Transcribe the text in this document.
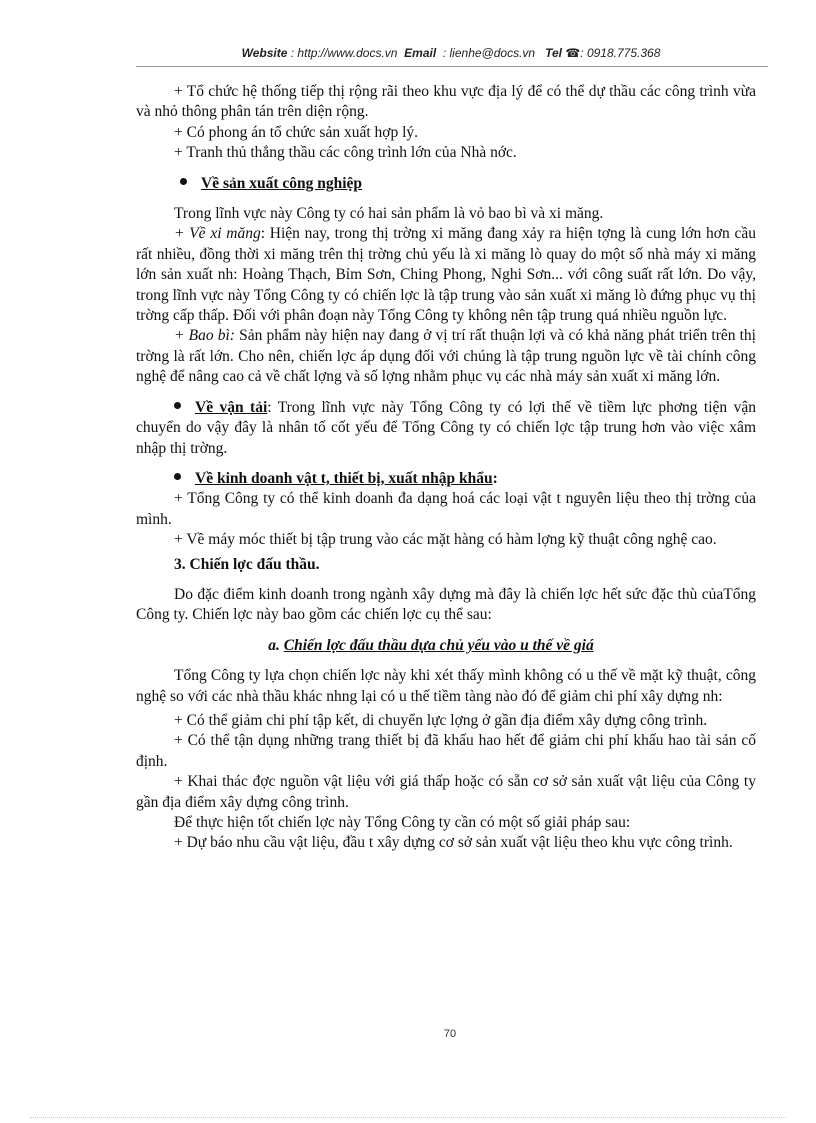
Website : http://www.docs.vn Email : lienhe@docs.vn Tel ☎: 0918.775.368

+ Tổ chức hệ thống tiếp thị rộng rãi theo khu vực địa lý để có thể dự thầu các công trình vừa và nhỏ thông phân tán trên diện rộng.

+ Có phong án tổ chức sản xuất hợp lý.

+ Tranh thủ thắng thầu các công trình lớn của Nhà nớc.

Về sản xuất công nghiệp

Trong lĩnh vực này Công ty có hai sản phẩm là vỏ bao bì và xi măng.

+ Về xi măng: Hiện nay, trong thị trờng xi măng đang xảy ra hiện tợng là cung lớn hơn cầu rất nhiều, đồng thời xi măng trên thị trờng chủ yếu là xi măng lò quay do một số nhà máy xi măng lớn sản xuất nh: Hoàng Thạch, Bỉm Sơn, Ching Phong, Nghi Sơn... với công suất rất lớn. Do vậy, trong lĩnh vực này Tổng Công ty có chiến lợc là tập trung vào sản xuất xi măng lò đứng phục vụ thị trờng cấp thấp. Đối với phân đoạn này Tổng Công ty không nên tập trung quá nhiều nguồn lực.

+ Bao bì: Sản phẩm này hiện nay đang ở vị trí rất thuận lợi và có khả năng phát triển trên thị trờng là rất lớn. Cho nên, chiến lợc áp dụng đối với chúng là tập trung nguồn lực về tài chính công nghệ để nâng cao cả về chất lợng và số lợng nhằm phục vụ các nhà máy sản xuất xi măng lớn.

Về vận tải: Trong lĩnh vực này Tổng Công ty có lợi thế về tiềm lực phơng tiện vận chuyển do vậy đây là nhân tố cốt yếu để Tổng Công ty có chiến lợc tập trung hơn vào việc xâm nhập thị trờng.

Về kinh doanh vật t, thiết bị, xuất nhập khẩu:

+ Tổng Công ty có thể kinh doanh đa dạng hoá các loại vật t nguyên liệu theo thị trờng của mình.

+ Về máy móc thiết bị tập trung vào các mặt hàng có hàm lợng kỹ thuật công nghệ cao.

3. Chiến lợc đấu thầu.

Do đặc điểm kinh doanh trong ngành xây dựng mà đây là chiến lợc hết sức đặc thù củaTổng Công ty. Chiến lợc này bao gồm các chiến lợc cụ thể sau:

a. Chiến lợc đấu thầu dựa chủ yếu vào u thế về giá

Tổng Công ty lựa chọn chiến lợc này khi xét thấy mình không có u thế về mặt kỹ thuật, công nghệ so với các nhà thầu khác nhng lại có u thế tiềm tàng nào đó để giảm chi phí xây dựng nh:

+ Có thể giảm chi phí tập kết, di chuyển lực lợng ở gần địa điểm xây dựng công trình.

+ Có thể tận dụng những trang thiết bị đã khấu hao hết để giảm chi phí khấu hao tài sản cố định.

+ Khai thác đợc nguồn vật liệu với giá thấp hoặc có sẵn cơ sở sản xuất vật liệu của Công ty gần địa điểm xây dựng công trình.

Để thực hiện tốt chiến lợc này Tổng Công ty cần có một số giải pháp sau:

+ Dự báo nhu cầu vật liệu, đầu t xây dựng cơ sở sản xuất vật liệu theo khu vực công trình.

70
